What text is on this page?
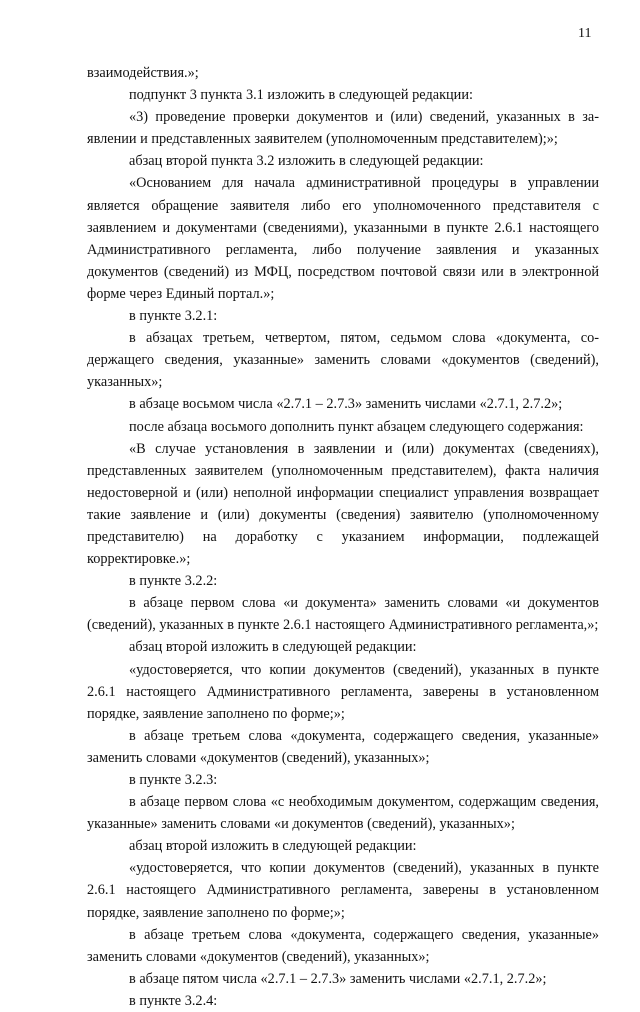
11

взаимодействия.»;

подпункт 3 пункта 3.1 изложить в следующей редакции:

«3) проведение проверки документов и (или) сведений, указанных в заявлении и представленных заявителем (уполномоченным представителем);»;

абзац второй пункта 3.2 изложить в следующей редакции:

«Основанием для начала административной процедуры в управлении является обращение заявителя либо его уполномоченного представителя с заявлением и документами (сведениями), указанными в пункте 2.6.1 настоящего Административного регламента, либо получение заявления и указанных документов (сведений) из МФЦ, посредством почтовой связи или в электронной форме через Единый портал.»;

в пункте 3.2.1:

в абзацах третьем, четвертом, пятом, седьмом слова «документа, содержащего сведения, указанные» заменить словами «документов (сведений), указанных»;

в абзаце восьмом числа «2.7.1 – 2.7.3» заменить числами «2.7.1, 2.7.2»;

после абзаца восьмого дополнить пункт абзацем следующего содержания:

«В случае установления в заявлении и (или) документах (сведениях), представленных заявителем (уполномоченным представителем), факта наличия недостоверной и (или) неполной информации специалист управления возвращает такие заявление и (или) документы (сведения) заявителю (уполномоченному представителю) на доработку с указанием информации, подлежащей корректировке.»;

в пункте 3.2.2:

в абзаце первом слова «и документа» заменить словами «и документов (сведений), указанных в пункте 2.6.1 настоящего Административного регламента,»;

абзац второй изложить в следующей редакции:

«удостоверяется, что копии документов (сведений), указанных в пункте 2.6.1 настоящего Административного регламента, заверены в установленном порядке, заявление заполнено по форме;»;

в абзаце третьем слова «документа, содержащего сведения, указанные» заменить словами «документов (сведений), указанных»;

в пункте 3.2.3:

в абзаце первом слова «с необходимым документом, содержащим сведения, указанные» заменить словами «и документов (сведений), указанных»;

абзац второй изложить в следующей редакции:

«удостоверяется, что копии документов (сведений), указанных в пункте 2.6.1 настоящего Административного регламента, заверены в установленном порядке, заявление заполнено по форме;»;

в абзаце третьем слова «документа, содержащего сведения, указанные» заменить словами «документов (сведений), указанных»;

в абзаце пятом числа «2.7.1 – 2.7.3» заменить числами «2.7.1, 2.7.2»;

в пункте 3.2.4:
